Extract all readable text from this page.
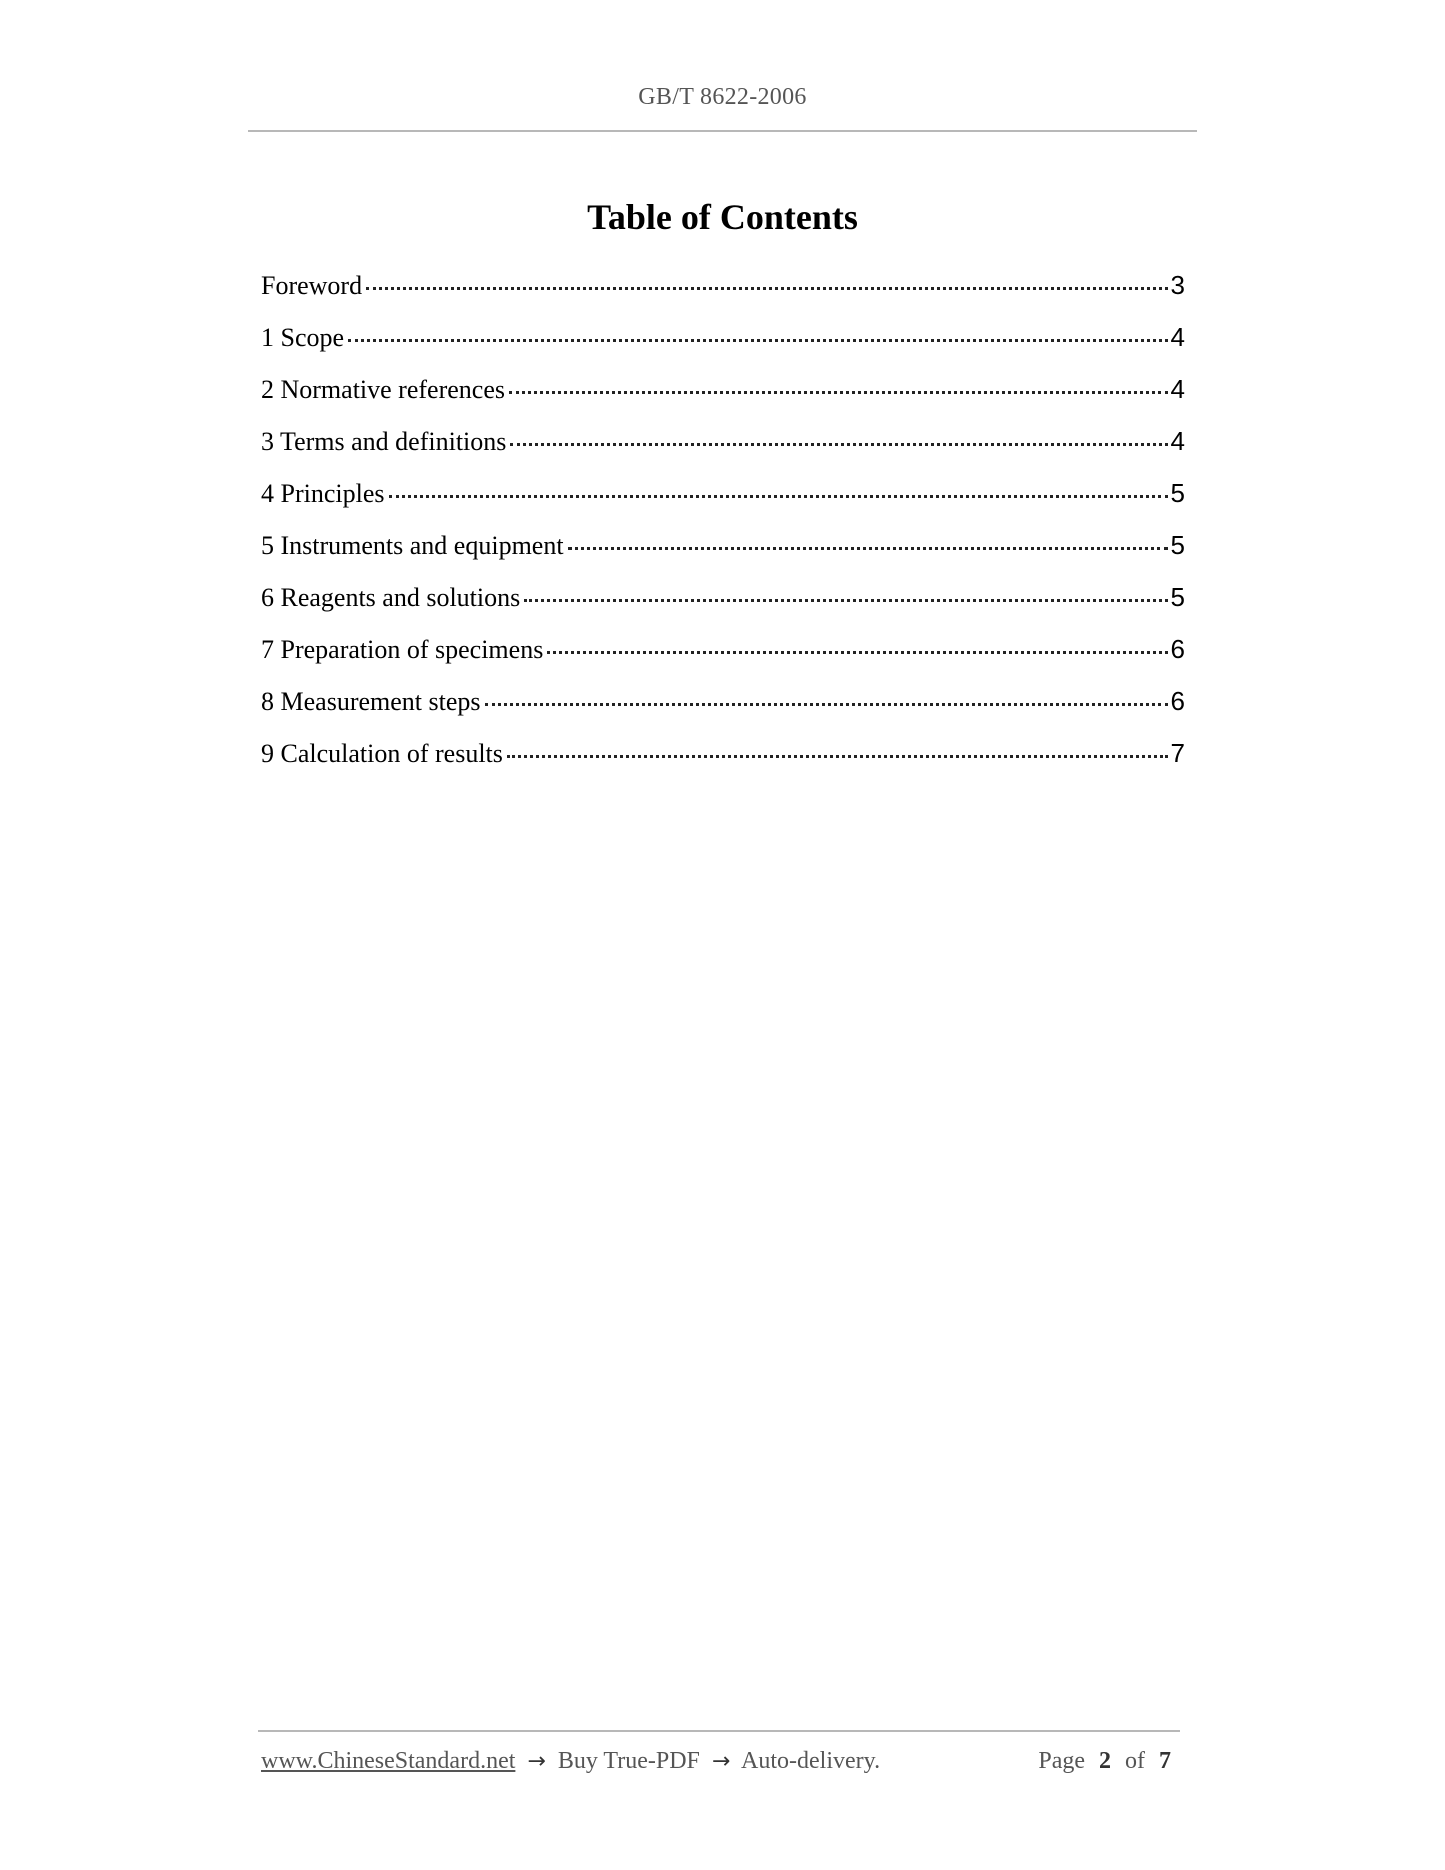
GB/T 8622-2006
Table of Contents
Foreword	3
1 Scope	4
2 Normative references	4
3 Terms and definitions	4
4 Principles	5
5 Instruments and equipment	5
6 Reagents and solutions	5
7 Preparation of specimens	6
8 Measurement steps	6
9 Calculation of results	7
www.ChineseStandard.net → Buy True-PDF → Auto-delivery.	Page 2 of 7
